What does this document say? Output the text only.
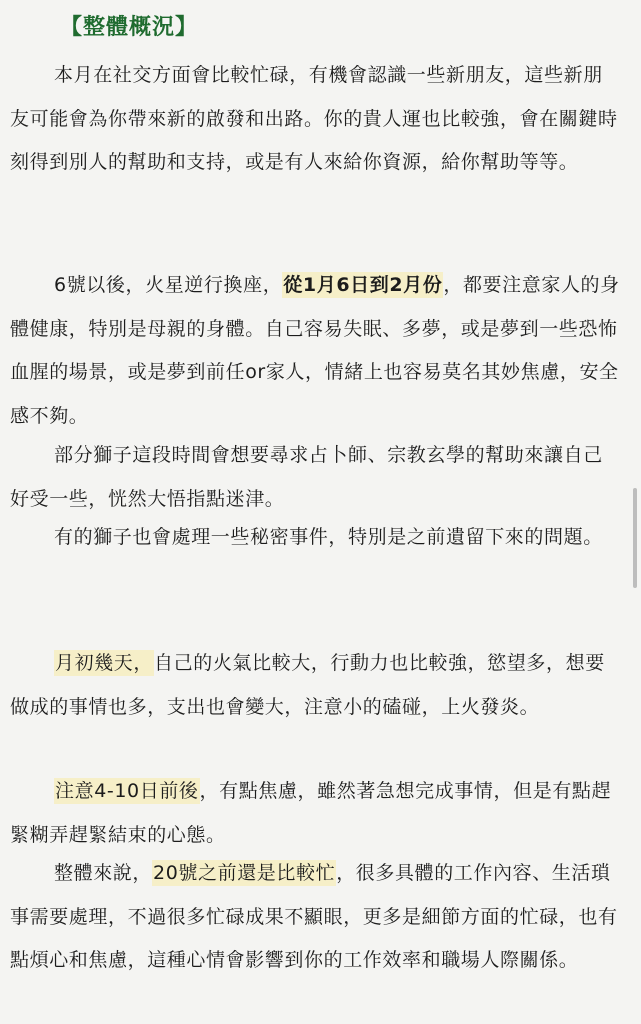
【整體概況】

本月在社交方面會比較忙碌，有機會認識一些新朋友，這些新朋友可能會為你帶來新的啟發和出路。你的貴人運也比較強，會在關鍵時刻得到別人的幫助和支持，或是有人來給你資源，給你幫助等等。

6號以後，火星逆行換座，從1月6日到2月份，都要注意家人的身體健康，特別是母親的身體。自己容易失眠、多夢，或是夢到一些恐怖血腥的場景，或是夢到前任or家人，情緒上也容易莫名其妙焦慮，安全感不夠。

部分獅子這段時間會想要尋求占卜師、宗教玄學的幫助來讓自己好受一些，恍然大悟指點迷津。

有的獅子也會處理一些秘密事件，特別是之前遺留下來的問題。

月初幾天，自己的火氣比較大，行動力也比較強，慾望多，想要做成的事情也多，支出也會變大，注意小的磕碰，上火發炎。

注意4-10日前後，有點焦慮，雖然著急想完成事情，但是有點趕緊糊弄趕緊結束的心態。

整體來說，20號之前還是比較忙，很多具體的工作內容、生活瑣事需要處理，不過很多忙碌成果不顯眼，更多是細節方面的忙碌，也有點煩心和焦慮，這種心情會影響到你的工作效率和職場人際關係。
